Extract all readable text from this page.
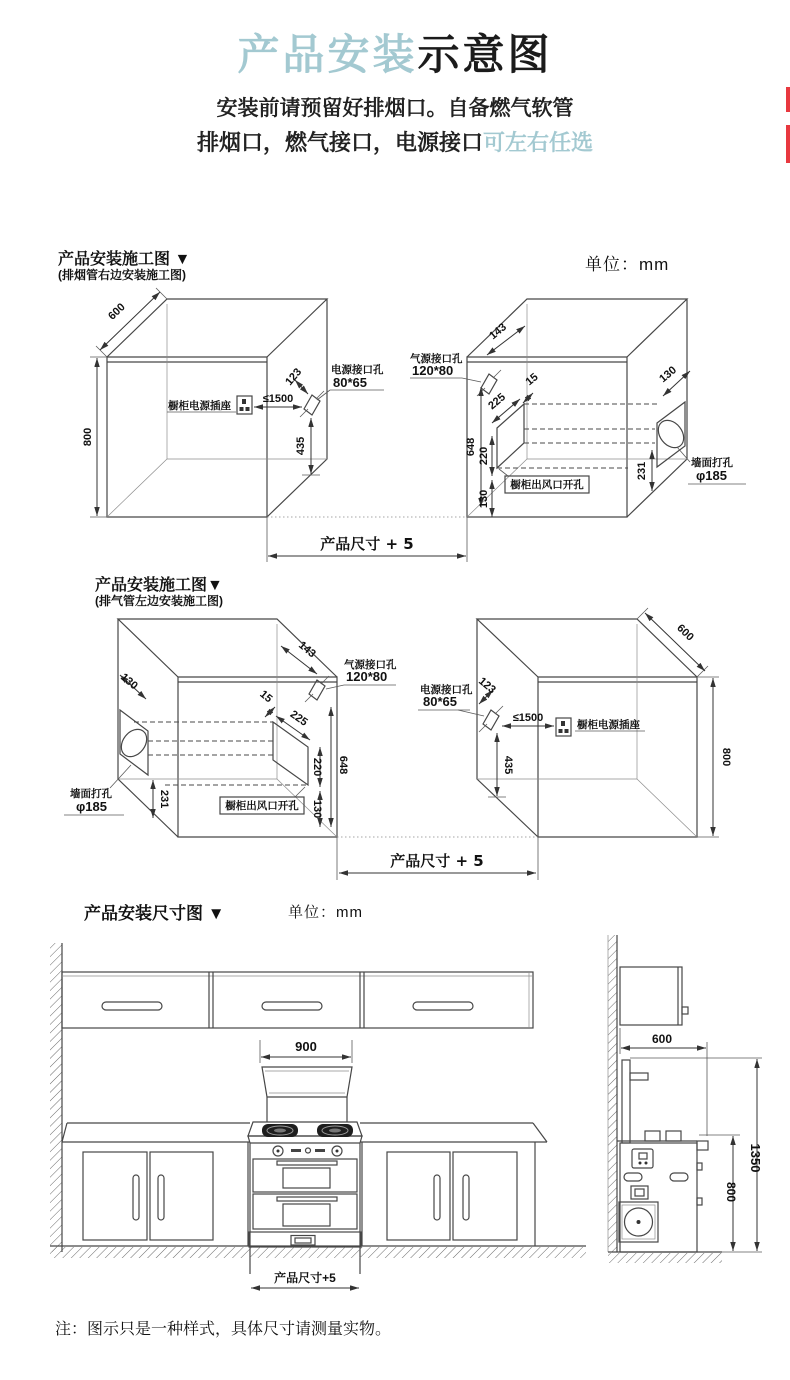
产品安装示意图
安装前请预留好排烟口。自备燃气软管
排烟口，燃气接口，电源接口可左右任选
产品安装施工图 ▼
(排烟管右边安装施工图)
单位：mm
600
800
橱柜电源插座
≤1500
123	电源接口孔
80*65
435
143
气源接口孔
120*80
225
15
648 220
130
130
231	墙面打孔
φ185
橱柜出风口开孔
产品尺寸 + 5
产品安装施工图▼
(排气管左边安装施工图)
143
气源接口孔
120*80
225
15
648
220
130
130
231
墙面打孔
φ185	橱柜出风口开孔
600
800
电源接口孔
80*65
123
≤1500
橱柜电源插座
435
产品尺寸 + 5
产品安装尺寸图 ▼	单位：mm
900
产品尺寸+5
600
800
1350
注：图示只是一种样式，具体尺寸请测量实物。
